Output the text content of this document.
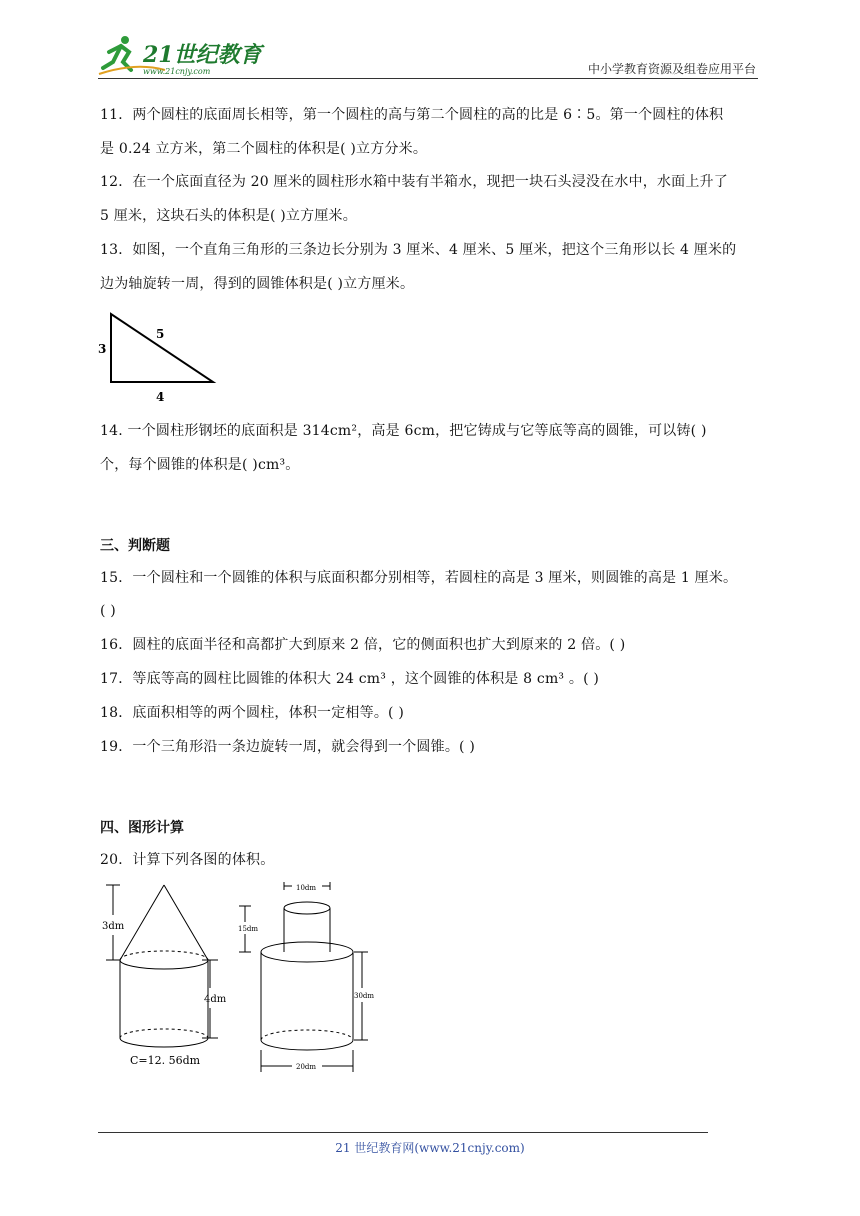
21世纪教育
www.21cnjy.com	中小学教育资源及组卷应用平台
11．两个圆柱的底面周长相等，第一个圆柱的高与第二个圆柱的高的比是 6∶5。第一个圆柱的体积
是 0.24 立方米，第二个圆柱的体积是( )立方分米。
12．在一个底面直径为 20 厘米的圆柱形水箱中装有半箱水，现把一块石头浸没在水中，水面上升了
5 厘米，这块石头的体积是( )立方厘米。
13．如图，一个直角三角形的三条边长分别为 3 厘米、4 厘米、5 厘米，把这个三角形以长 4 厘米的
边为轴旋转一周，得到的圆锥体积是( )立方厘米。
3
5
4
14. 一个圆柱形钢坯的底面积是 314cm²，高是 6cm，把它铸成与它等底等高的圆锥，可以铸( )
个，每个圆锥的体积是( )cm³。
三、判断题
15．一个圆柱和一个圆锥的体积与底面积都分别相等，若圆柱的高是 3 厘米，则圆锥的高是 1 厘米。
( )
16．圆柱的底面半径和高都扩大到原来 2 倍，它的侧面积也扩大到原来的 2 倍。( )
17．等底等高的圆柱比圆锥的体积大 24 cm³ ，这个圆锥的体积是 8 cm³ 。( )
18．底面积相等的两个圆柱，体积一定相等。( )
19．一个三角形沿一条边旋转一周，就会得到一个圆锥。( )
四、图形计算
20．计算下列各图的体积。
3dm
4dm
C=12. 56dm
10dm
15dm
30dm
20dm
21 世纪教育网(www.21cnjy.com)
